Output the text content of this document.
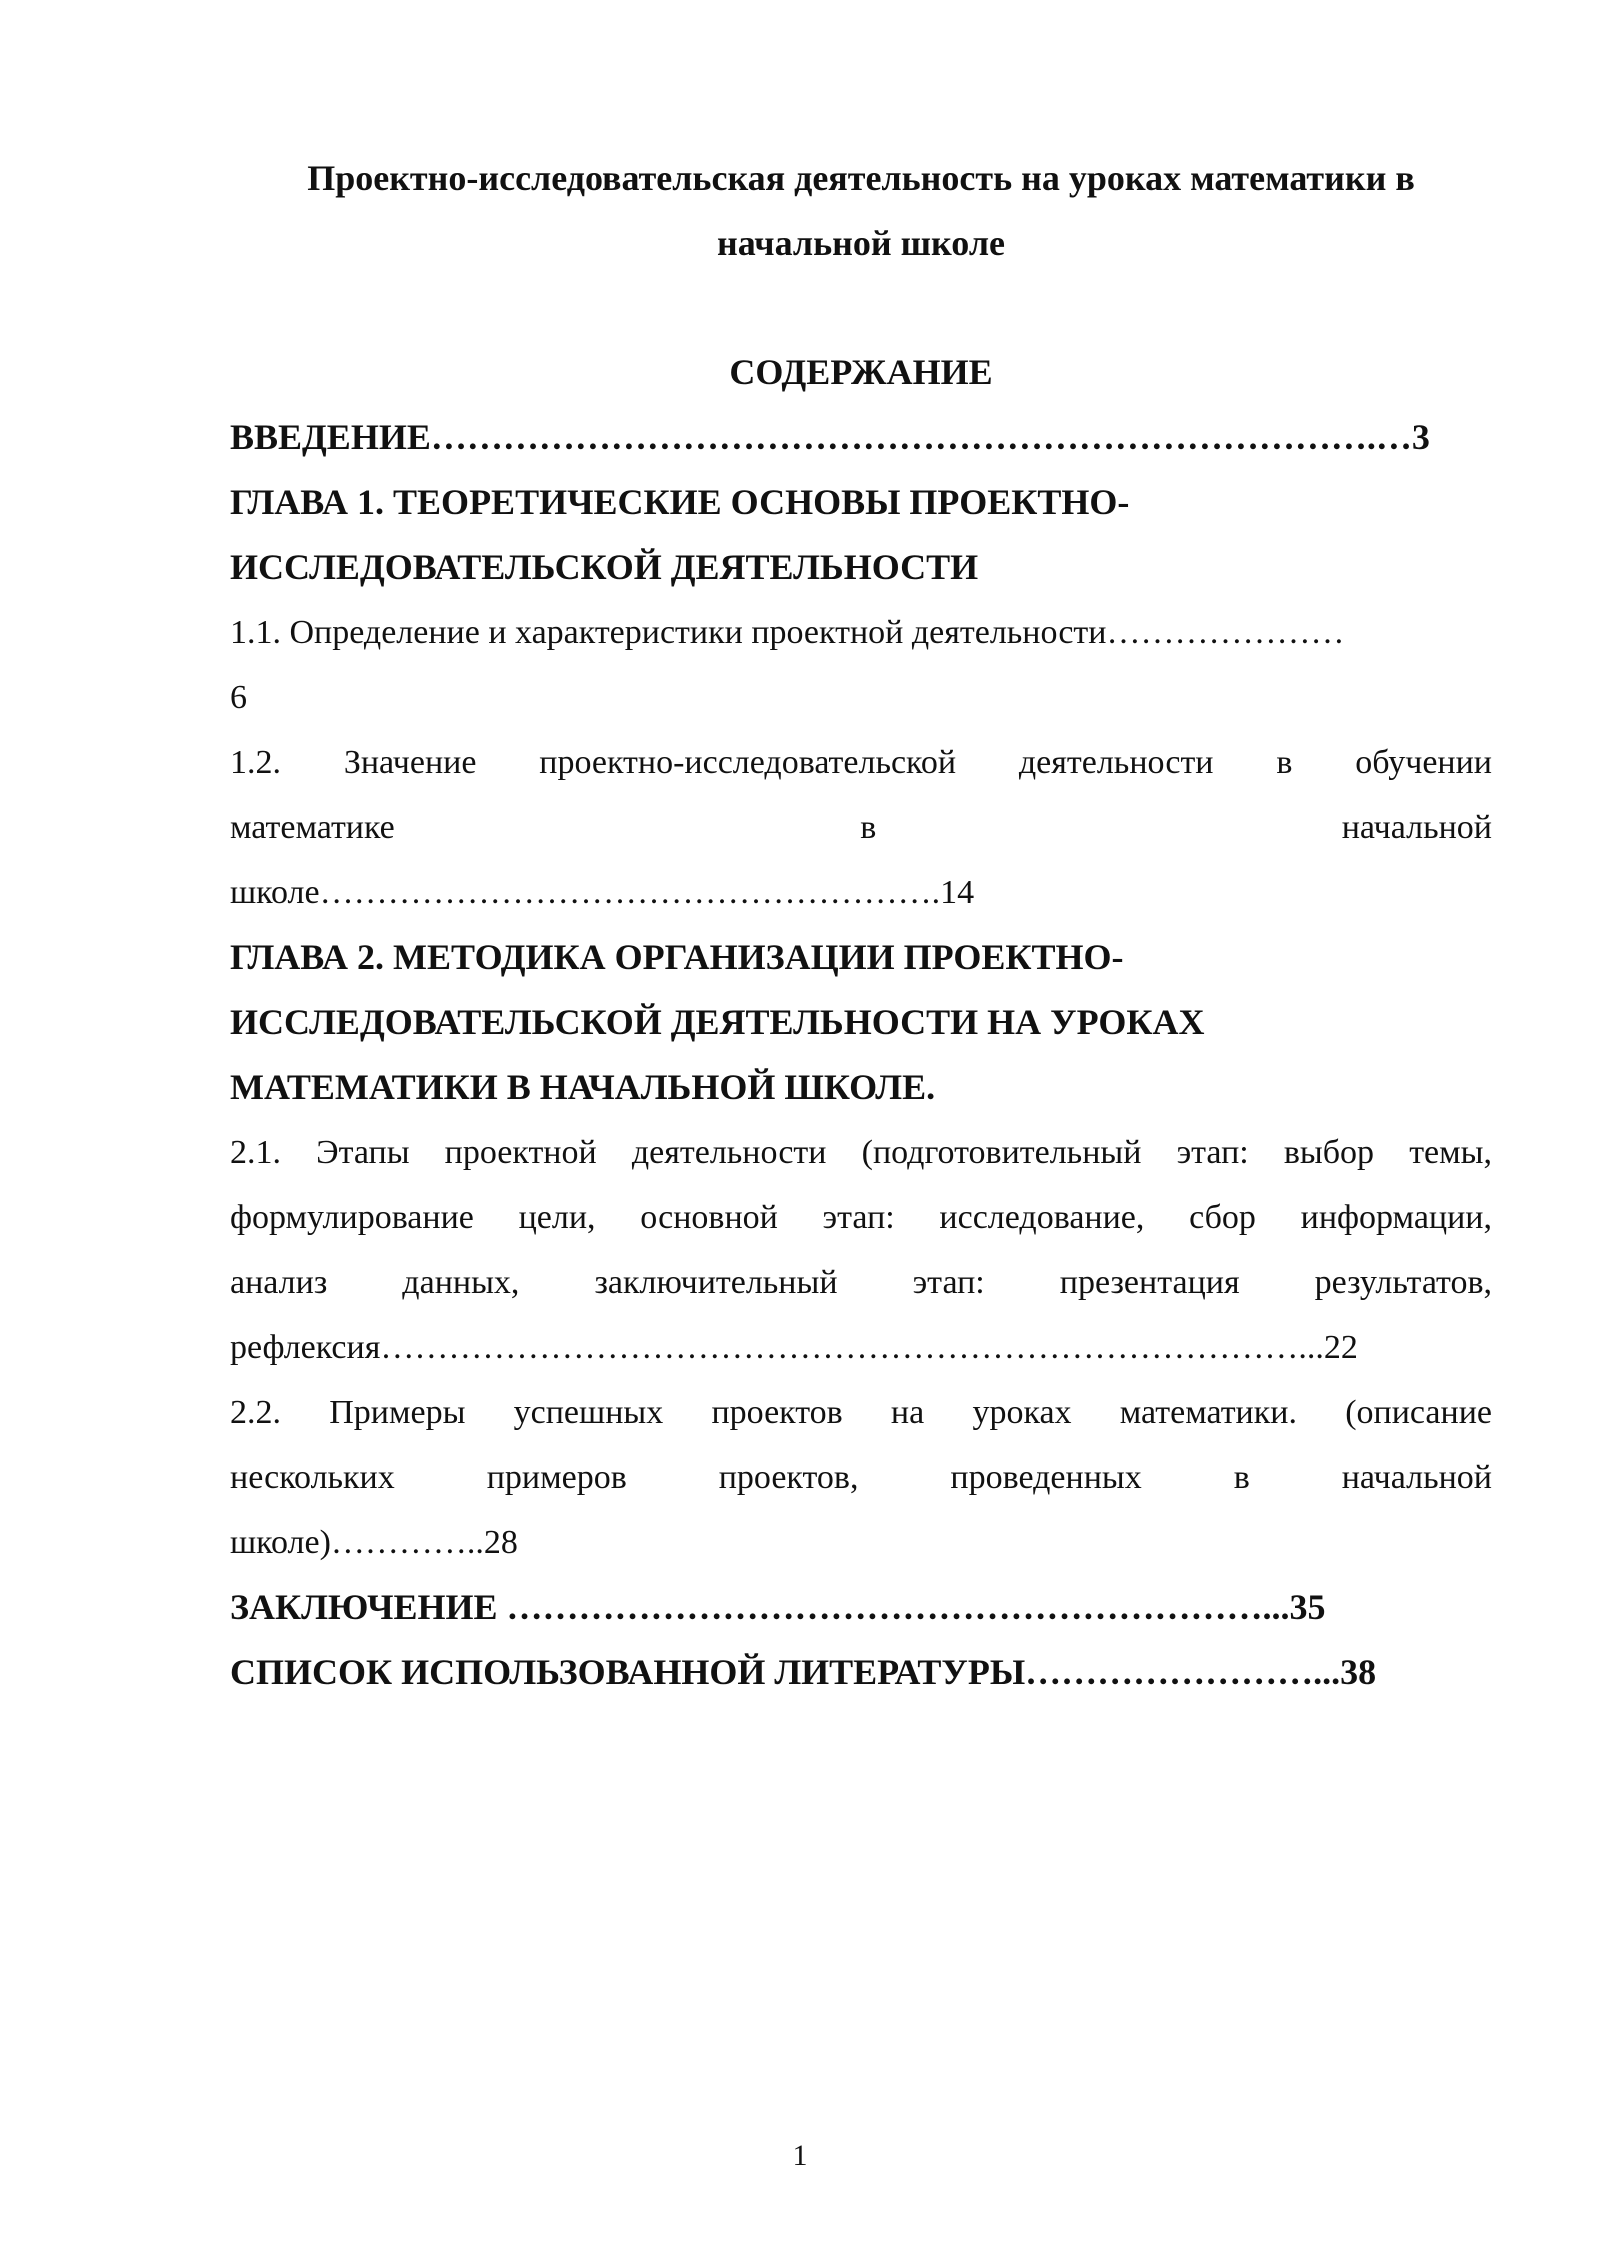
Проектно-исследовательская деятельность на уроках математики в
начальной школе
СОДЕРЖАНИЕ
ВВЕДЕНИЕ…………………………………………………………………….…3
ГЛАВА 1. ТЕОРЕТИЧЕСКИЕ ОСНОВЫ ПРОЕКТНО-
ИССЛЕДОВАТЕЛЬСКОЙ ДЕЯТЕЛЬНОСТИ
1.1. Определение и характеристики проектной деятельности…………………
6
1.2. Значение проектно-исследовательской деятельности в обучении
математике в начальной
школе……………………………………………….14
ГЛАВА 2. МЕТОДИКА ОРГАНИЗАЦИИ ПРОЕКТНО-
ИССЛЕДОВАТЕЛЬСКОЙ ДЕЯТЕЛЬНОСТИ НА УРОКАХ
МАТЕМАТИКИ В НАЧАЛЬНОЙ ШКОЛЕ.
2.1. Этапы проектной деятельности (подготовительный этап: выбор темы,
формулирование цели, основной этап: исследование, сбор информации,
анализ данных, заключительный этап: презентация результатов,
рефлексия………………………………………………………………………...22
2.2. Примеры успешных проектов на уроках математики. (описание
нескольких примеров проектов, проведенных в начальной
школе)…………..28
ЗАКЛЮЧЕНИЕ ………………………………………………………...35
СПИСОК ИСПОЛЬЗОВАННОЙ ЛИТЕРАТУРЫ……………………...38
1
